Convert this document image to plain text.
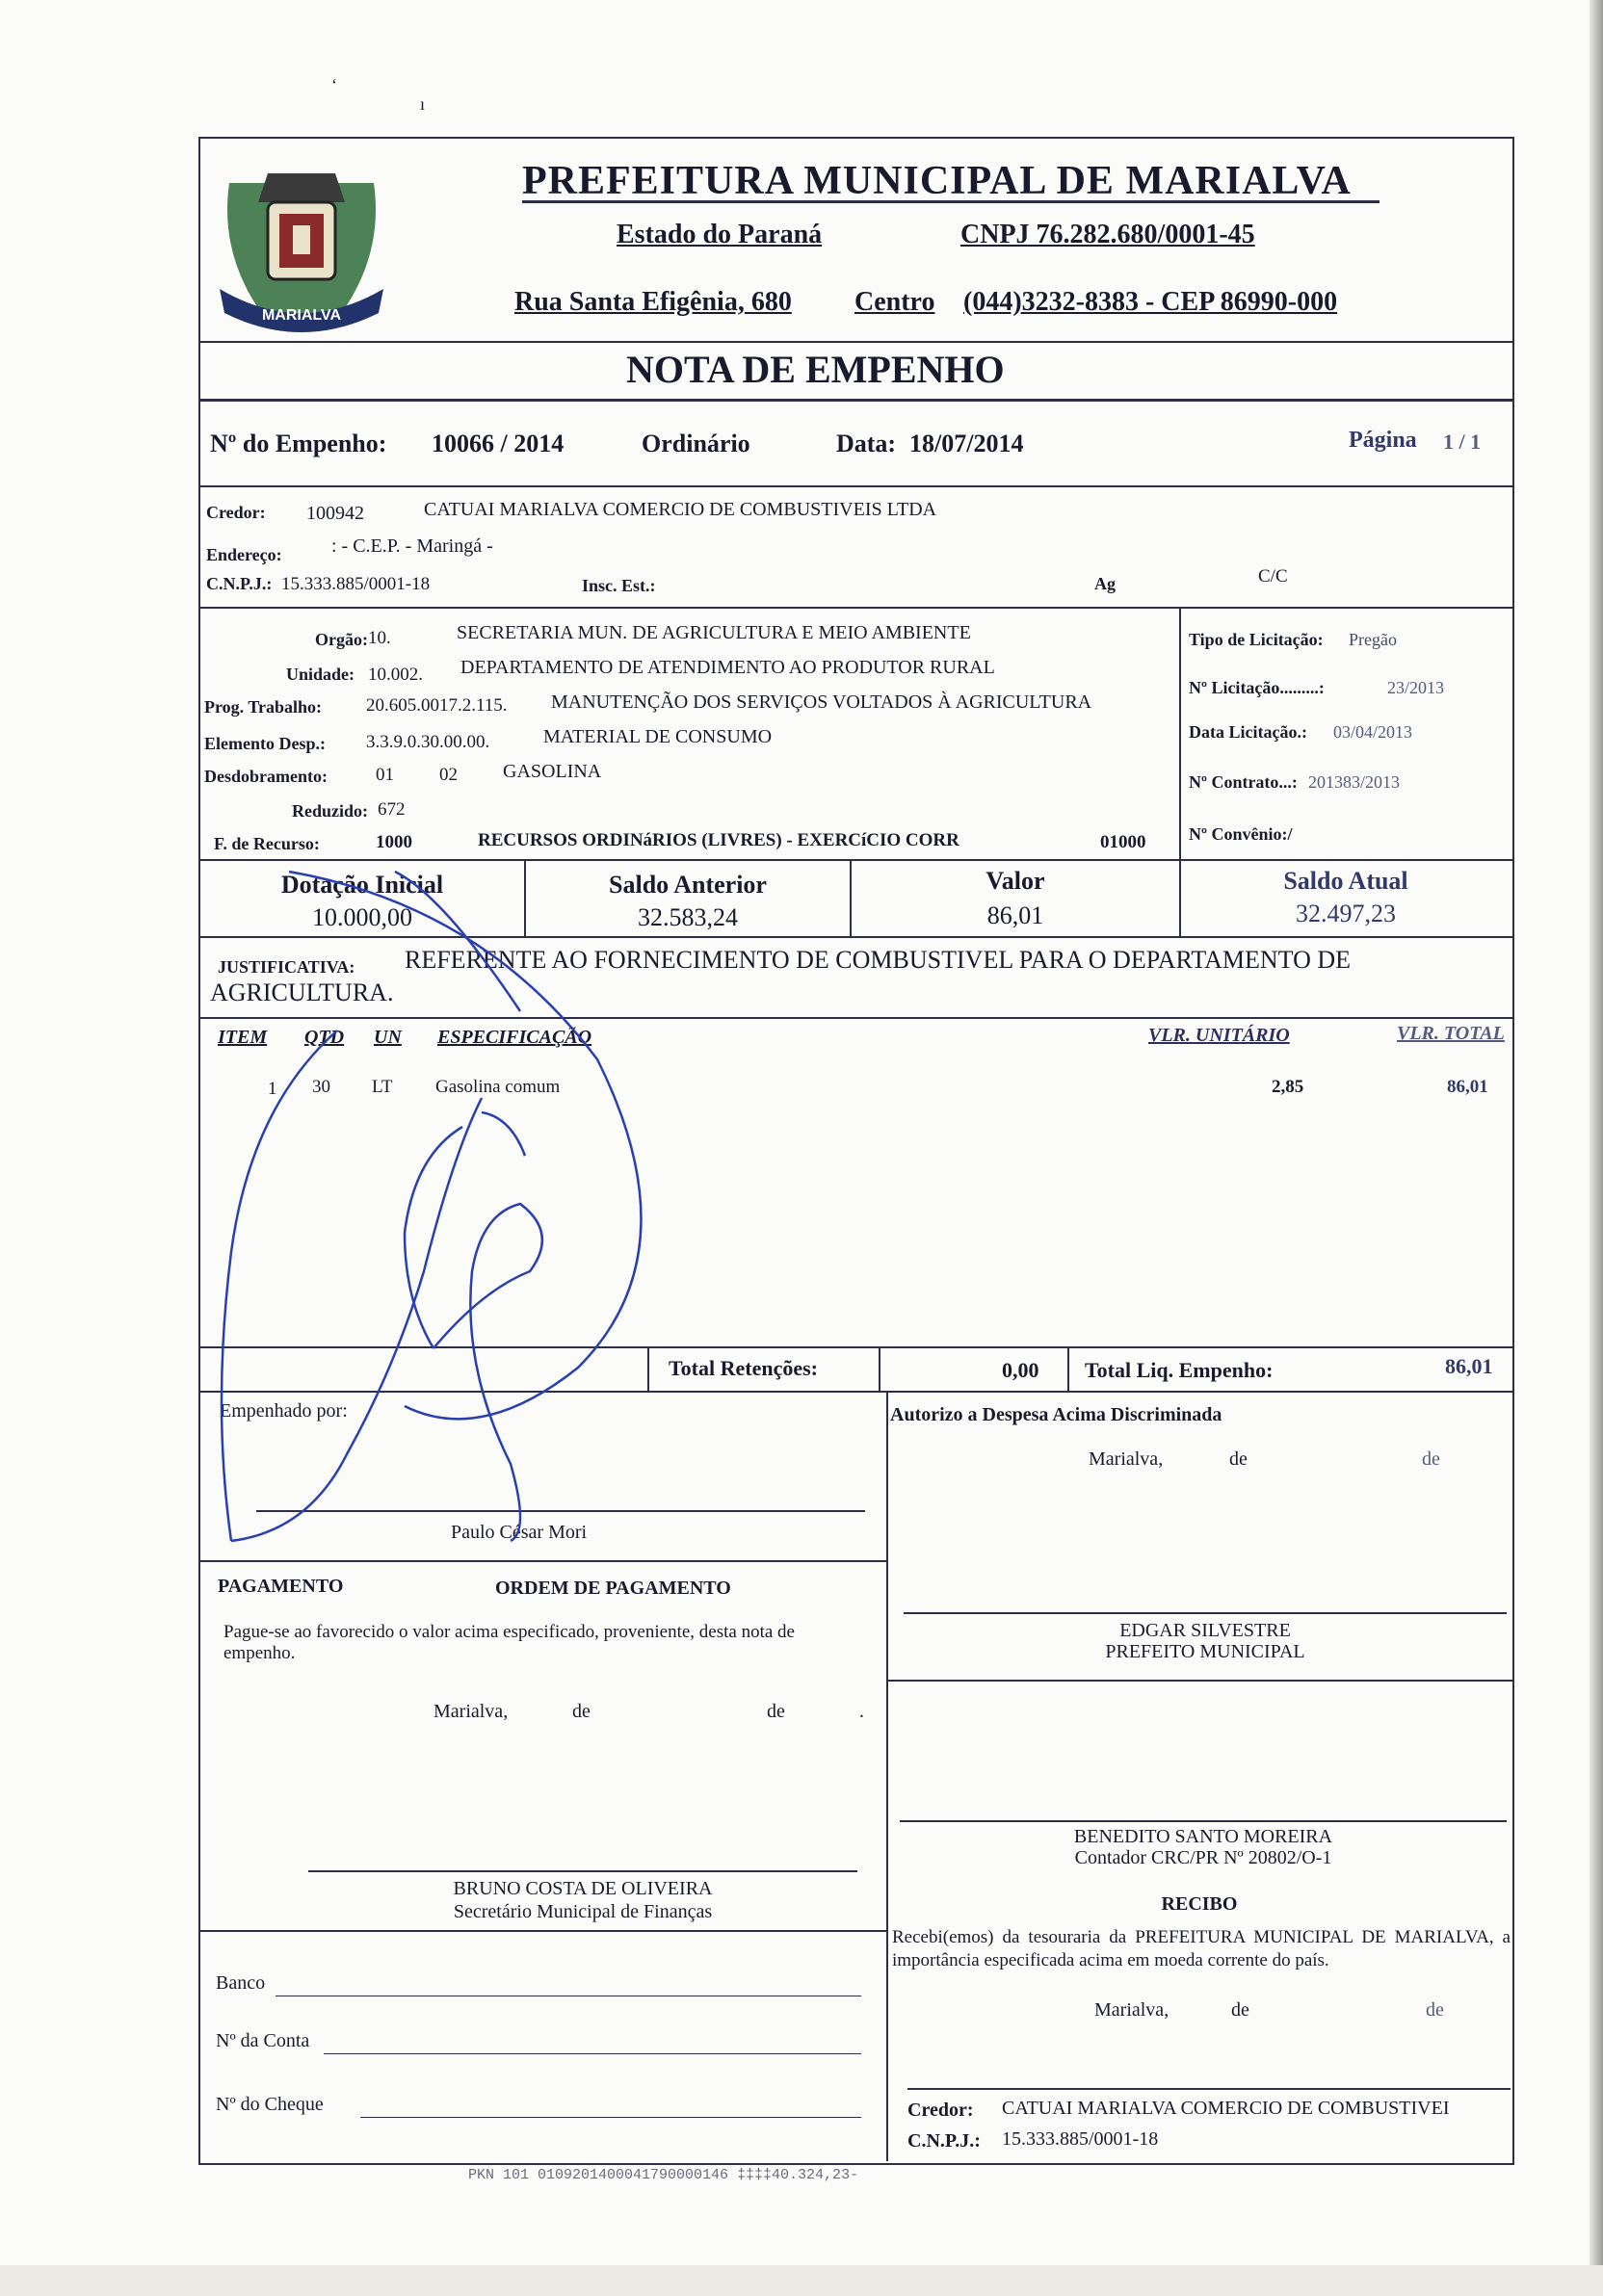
‘
ı
MARIALVA
PREFEITURA MUNICIPAL DE MARIALVA
Estado do Paraná	CNPJ 76.282.680/0001-45
Rua Santa Efigênia, 680 Centro (044)3232-8383 - CEP 86990-000
NOTA DE EMPENHO
Nº do Empenho: 10066 / 2014	Ordinário	Data: 18/07/2014	Página 1 / 1
Credor: 100942	CATUAI MARIALVA COMERCIO DE COMBUSTIVEIS LTDA
Endereço:	: - C.E.P. - Maringá -
C.N.P.J.: 15.333.885/0001-18	Insc. Est.:	Ag	C/C
Orgão: 10.	SECRETARIA MUN. DE AGRICULTURA E MEIO AMBIENTE
Unidade: 10.002. DEPARTAMENTO DE ATENDIMENTO AO PRODUTOR RURAL
Prog. Trabalho: 20.605.0017.2.115. MANUTENÇÃO DOS SERVIÇOS VOLTADOS À AGRICULTURA
Elemento Desp.: 3.3.9.0.30.00.00.	MATERIAL DE CONSUMO
Desdobramento:	01 02 GASOLINA
Reduzido: 672
F. de Recurso:	1000	RECURSOS ORDINáRIOS (LIVRES) - EXERCíCIO CORR	01000
Tipo de Licitação: Pregão
Nº Licitação.........:	23/2013
Data Licitação.: 03/04/2013
Nº Contrato...: 201383/2013
Nº Convênio:/
Dotação Inicial
10.000,00
Saldo Anterior
32.583,24
Valor
86,01
Saldo Atual
32.497,23
JUSTIFICATIVA: REFERENTE AO FORNECIMENTO DE COMBUSTIVEL PARA O DEPARTAMENTO DE
AGRICULTURA.
ITEM QTD UN ESPECIFICAÇÃO	VLR. UNITÁRIO	VLR. TOTAL
1 30 LT Gasolina comum	2,85	86,01
Total Retenções:	0,00 Total Liq. Empenho:	86,01
Empenhado por:
Paulo César Mori
Autorizo a Despesa Acima Discriminada
Marialva,	de	de
PAGAMENTO	ORDEM DE PAGAMENTO
Pague-se ao favorecido o valor acima especificado, proveniente, desta nota de empenho.
Marialva,	de	de	.
EDGAR SILVESTRE
PREFEITO MUNICIPAL
BENEDITO SANTO MOREIRA
Contador CRC/PR Nº 20802/O-1
BRUNO COSTA DE OLIVEIRA
Secretário Municipal de Finanças
Banco
Nº da Conta
Nº do Cheque
RECIBO
Recebi(emos) da tesouraria da PREFEITURA MUNICIPAL DE MARIALVA, a importância especificada acima em moeda corrente do país.
Marialva,	de	de
Credor: CATUAI MARIALVA COMERCIO DE COMBUSTIVEI
C.N.P.J.: 15.333.885/0001-18
PKN 101 0109201400041790000146 ‡‡‡‡40.324,23-
